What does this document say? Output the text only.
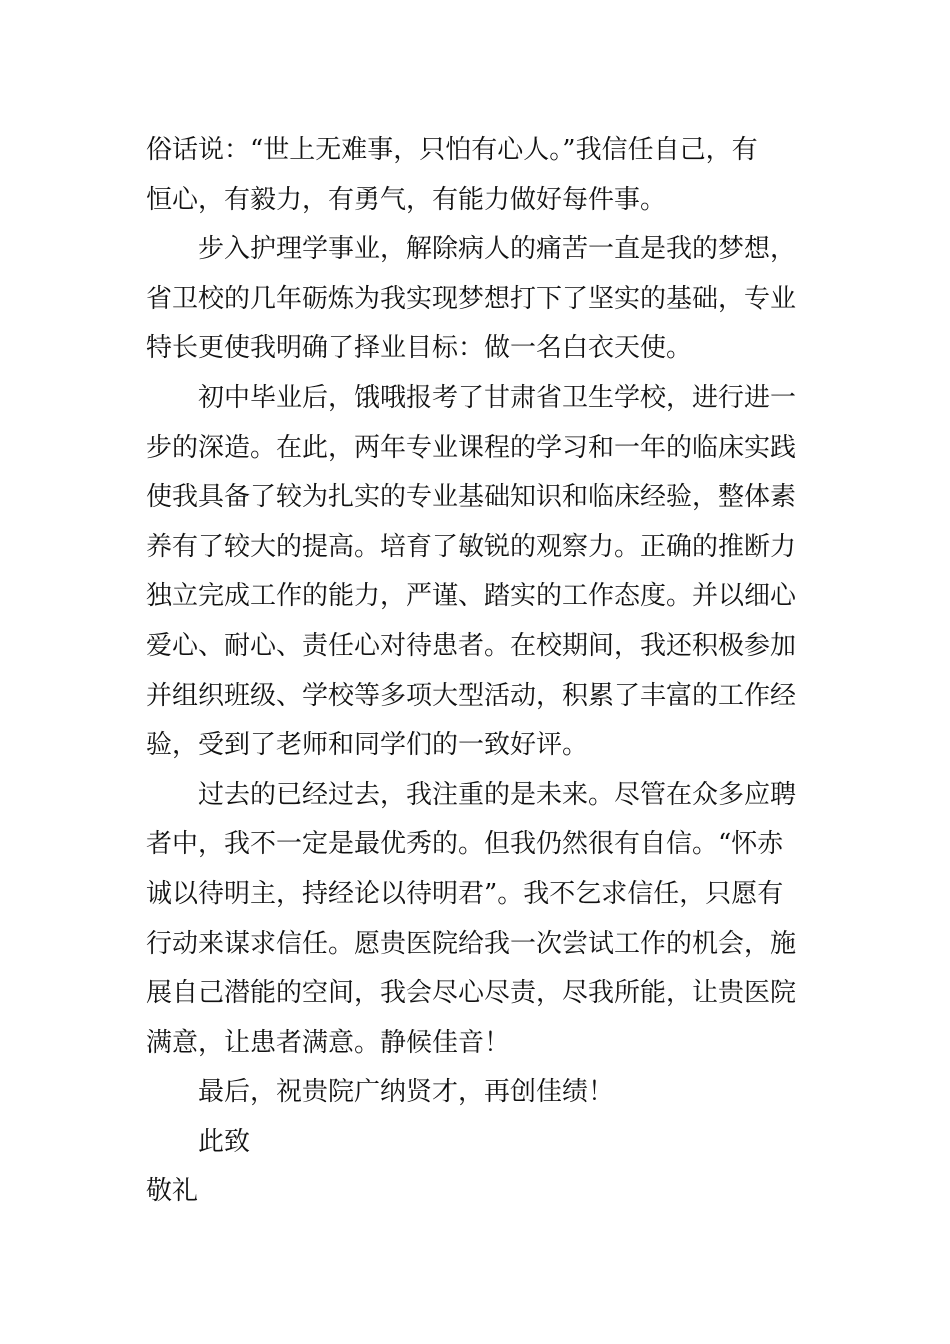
俗话说：“世上无难事，只怕有心人。”我信任自己，有
恒心，有毅力，有勇气，有能力做好每件事。
步入护理学事业，解除病人的痛苦一直是我的梦想，
省卫校的几年砺炼为我实现梦想打下了坚实的基础，专业
特长更使我明确了择业目标：做一名白衣天使。
初中毕业后，饿哦报考了甘肃省卫生学校，进行进一
步的深造。在此，两年专业课程的学习和一年的临床实践
使我具备了较为扎实的专业基础知识和临床经验，整体素
养有了较大的提高。培育了敏锐的观察力。正确的推断力
独立完成工作的能力，严谨、踏实的工作态度。并以细心
爱心、耐心、责任心对待患者。在校期间，我还积极参加
并组织班级、学校等多项大型活动，积累了丰富的工作经
验，受到了老师和同学们的一致好评。
过去的已经过去，我注重的是未来。尽管在众多应聘
者中，我不一定是最优秀的。但我仍然很有自信。“怀赤
诚以待明主，持经论以待明君”。我不乞求信任，只愿有
行动来谋求信任。愿贵医院给我一次尝试工作的机会，施
展自己潜能的空间，我会尽心尽责，尽我所能，让贵医院
满意，让患者满意。静候佳音！
最后，祝贵院广纳贤才，再创佳绩！
此致
敬礼
